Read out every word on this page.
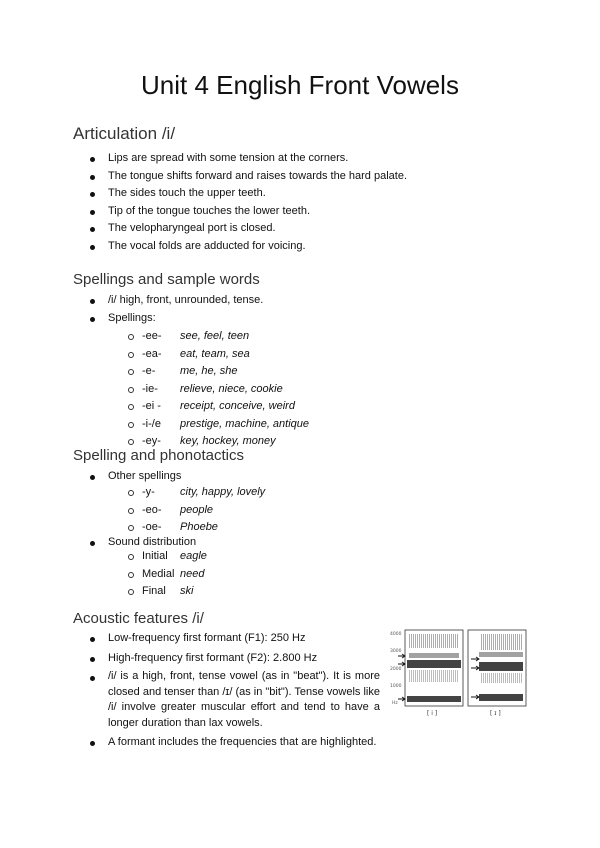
Unit 4 English Front Vowels
Articulation /i/
Lips are spread with some tension at the corners.
The tongue shifts forward and raises towards the hard palate.
The sides touch the upper teeth.
Tip of the tongue touches the lower teeth.
The velopharyngeal port is closed.
The vocal folds are adducted for voicing.
Spellings and sample words
/i/ high, front, unrounded, tense.
Spellings:
-ee- see, feel, teen
-ea- eat, team, sea
-e- me, he, she
-ie- relieve, niece, cookie
-ei - receipt, conceive, weird
-i-/e prestige, machine, antique
-ey- key, hockey, money
Spelling and phonotactics
Other spellings
-y- city, happy, lovely
-eo- people
-oe- Phoebe
Sound distribution
Initial eagle
Medial need
Final ski
Acoustic features /i/
Low-frequency first formant (F1): 250 Hz
High-frequency first formant (F2): 2.800 Hz
/i/ is a high, front, tense vowel (as in "beat"). It is more closed and tenser than /ɪ/ (as in "bit"). Tense vowels like /i/ involve greater muscular effort and tend to have a longer duration than lax vowels.
A formant includes the frequencies that are highlighted.
4000
3000
2000
1000
Hz
[ i ]	[ ɪ ]
